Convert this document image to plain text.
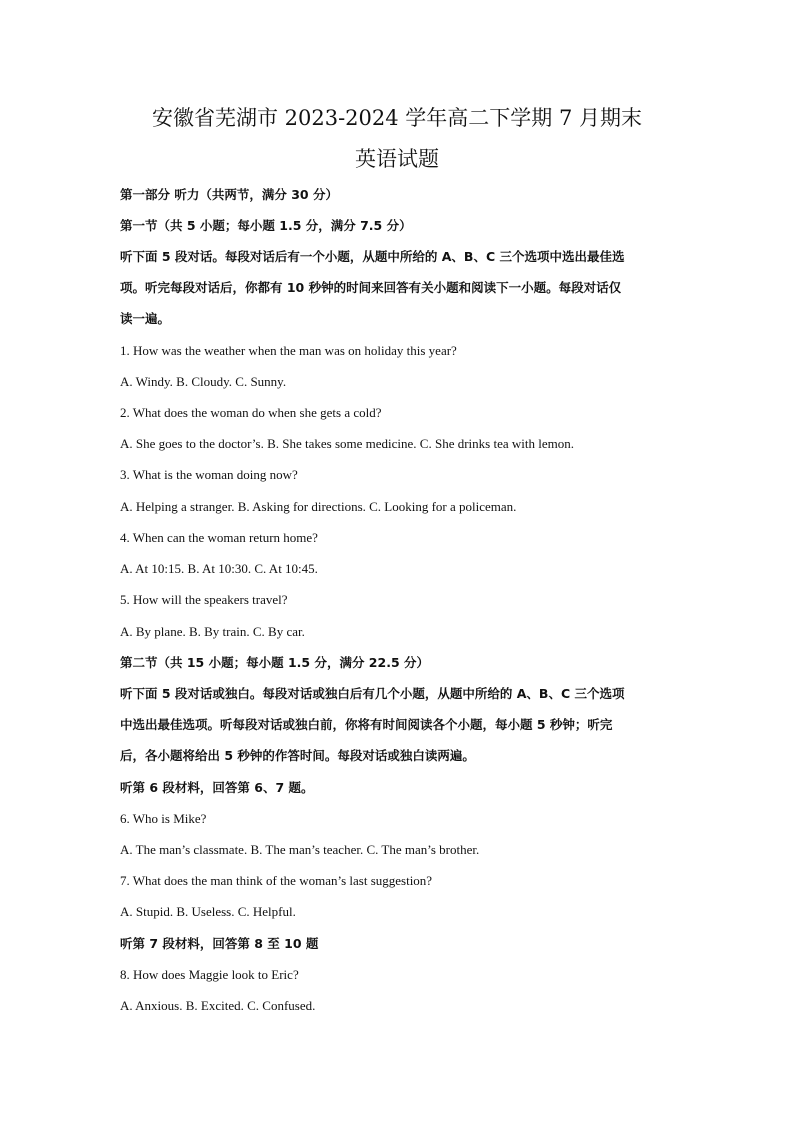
安徽省芜湖市 2023-2024 学年高二下学期 7 月期末
英语试题
第一部分 听力（共两节，满分 30 分）
第一节（共 5 小题；每小题 1.5 分，满分 7.5 分）
听下面 5 段对话。每段对话后有一个小题，从题中所给的 A、B、C 三个选项中选出最佳选
项。听完每段对话后，你都有 10 秒钟的时间来回答有关小题和阅读下一小题。每段对话仅
读一遍。
1. How was the weather when the man was on holiday this year?
A. Windy. B. Cloudy. C. Sunny.
2. What does the woman do when she gets a cold?
A. She goes to the doctor’s. B. She takes some medicine. C. She drinks tea with lemon.
3. What is the woman doing now?
A. Helping a stranger. B. Asking for directions. C. Looking for a policeman.
4. When can the woman return home?
A. At 10:15. B. At 10:30. C. At 10:45.
5. How will the speakers travel?
A. By plane. B. By train. C. By car.
第二节（共 15 小题；每小题 1.5 分，满分 22.5 分）
听下面 5 段对话或独白。每段对话或独白后有几个小题，从题中所给的 A、B、C 三个选项
中选出最佳选项。听每段对话或独白前，你将有时间阅读各个小题，每小题 5 秒钟；听完
后，各小题将给出 5 秒钟的作答时间。每段对话或独白读两遍。
听第 6 段材料，回答第 6、7 题。
6. Who is Mike?
A. The man’s classmate. B. The man’s teacher. C. The man’s brother.
7. What does the man think of the woman’s last suggestion?
A. Stupid. B. Useless. C. Helpful.
听第 7 段材料，回答第 8 至 10 题
8. How does Maggie look to Eric?
A. Anxious. B. Excited. C. Confused.
